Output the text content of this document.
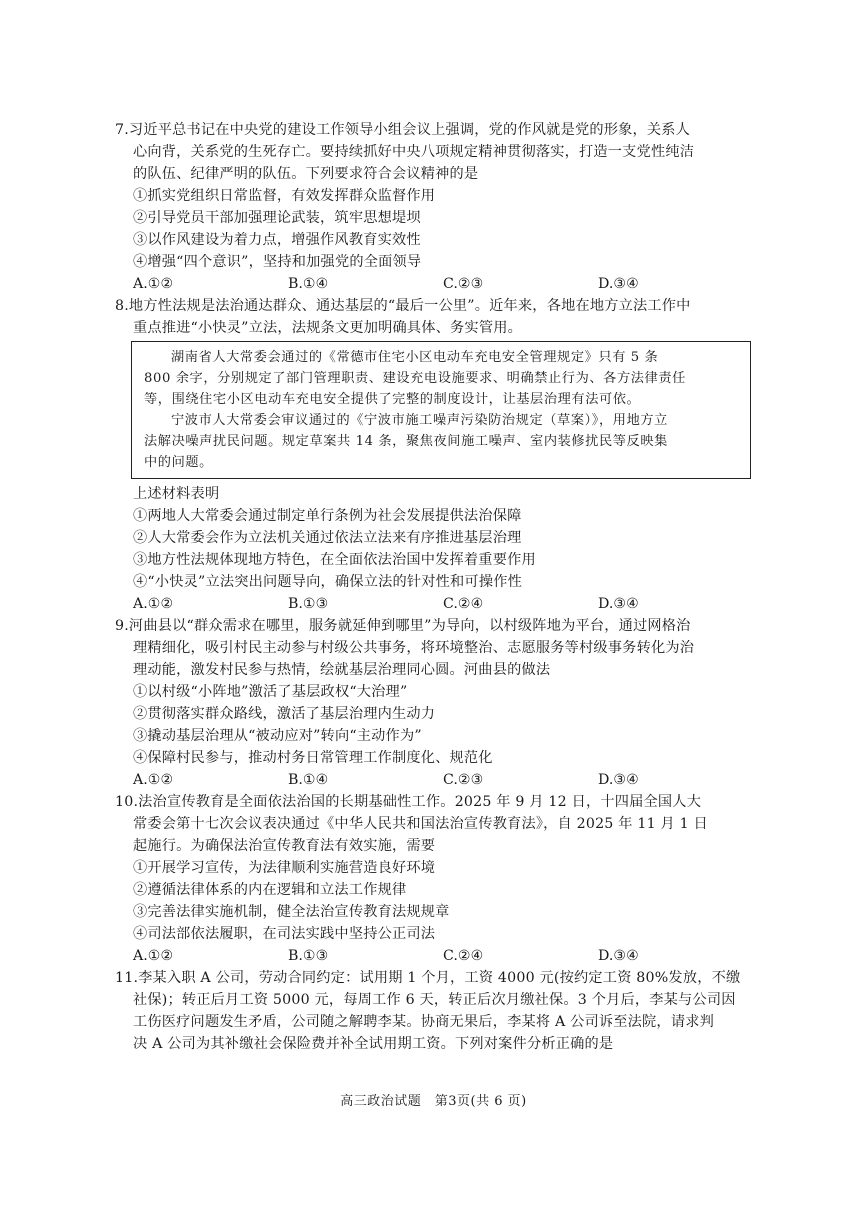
7.习近平总书记在中央党的建设工作领导小组会议上强调，党的作风就是党的形象，关系人
心向背，关系党的生死存亡。要持续抓好中央八项规定精神贯彻落实，打造一支党性纯洁
的队伍、纪律严明的队伍。下列要求符合会议精神的是
①抓实党组织日常监督，有效发挥群众监督作用
②引导党员干部加强理论武装，筑牢思想堤坝
③以作风建设为着力点，增强作风教育实效性
④增强“四个意识”，坚持和加强党的全面领导
A.①②	B.①④	C.②③	D.③④
8.地方性法规是法治通达群众、通达基层的“最后一公里”。近年来，各地在地方立法工作中
重点推进“小快灵”立法，法规条文更加明确具体、务实管用。
湖南省人大常委会通过的《常德市住宅小区电动车充电安全管理规定》只有 5 条
800 余字，分别规定了部门管理职责、建设充电设施要求、明确禁止行为、各方法律责任
等，围绕住宅小区电动车充电安全提供了完整的制度设计，让基层治理有法可依。
宁波市人大常委会审议通过的《宁波市施工噪声污染防治规定（草案）》，用地方立
法解决噪声扰民问题。规定草案共 14 条，聚焦夜间施工噪声、室内装修扰民等反映集
中的问题。
上述材料表明
①两地人大常委会通过制定单行条例为社会发展提供法治保障
②人大常委会作为立法机关通过依法立法来有序推进基层治理
③地方性法规体现地方特色，在全面依法治国中发挥着重要作用
④“小快灵”立法突出问题导向，确保立法的针对性和可操作性
A.①②	B.①③	C.②④	D.③④
9.河曲县以“群众需求在哪里，服务就延伸到哪里”为导向，以村级阵地为平台，通过网格治
理精细化，吸引村民主动参与村级公共事务，将环境整治、志愿服务等村级事务转化为治
理动能，激发村民参与热情，绘就基层治理同心圆。河曲县的做法
①以村级“小阵地”激活了基层政权“大治理”
②贯彻落实群众路线，激活了基层治理内生动力
③撬动基层治理从“被动应对”转向“主动作为”
④保障村民参与，推动村务日常管理工作制度化、规范化
A.①②	B.①④	C.②③	D.③④
10.法治宣传教育是全面依法治国的长期基础性工作。2025 年 9 月 12 日，十四届全国人大
常委会第十七次会议表决通过《中华人民共和国法治宣传教育法》，自 2025 年 11 月 1 日
起施行。为确保法治宣传教育法有效实施，需要
①开展学习宣传，为法律顺利实施营造良好环境
②遵循法律体系的内在逻辑和立法工作规律
③完善法律实施机制，健全法治宣传教育法规规章
④司法部依法履职，在司法实践中坚持公正司法
A.①②	B.①③	C.②④	D.③④
11.李某入职 A 公司，劳动合同约定：试用期 1 个月，工资 4000 元(按约定工资 80%发放，不缴
社保)；转正后月工资 5000 元，每周工作 6 天，转正后次月缴社保。3 个月后，李某与公司因
工伤医疗问题发生矛盾，公司随之解聘李某。协商无果后，李某将 A 公司诉至法院，请求判
决 A 公司为其补缴社会保险费并补全试用期工资。下列对案件分析正确的是
高三政治试题　第3页(共 6 页)
